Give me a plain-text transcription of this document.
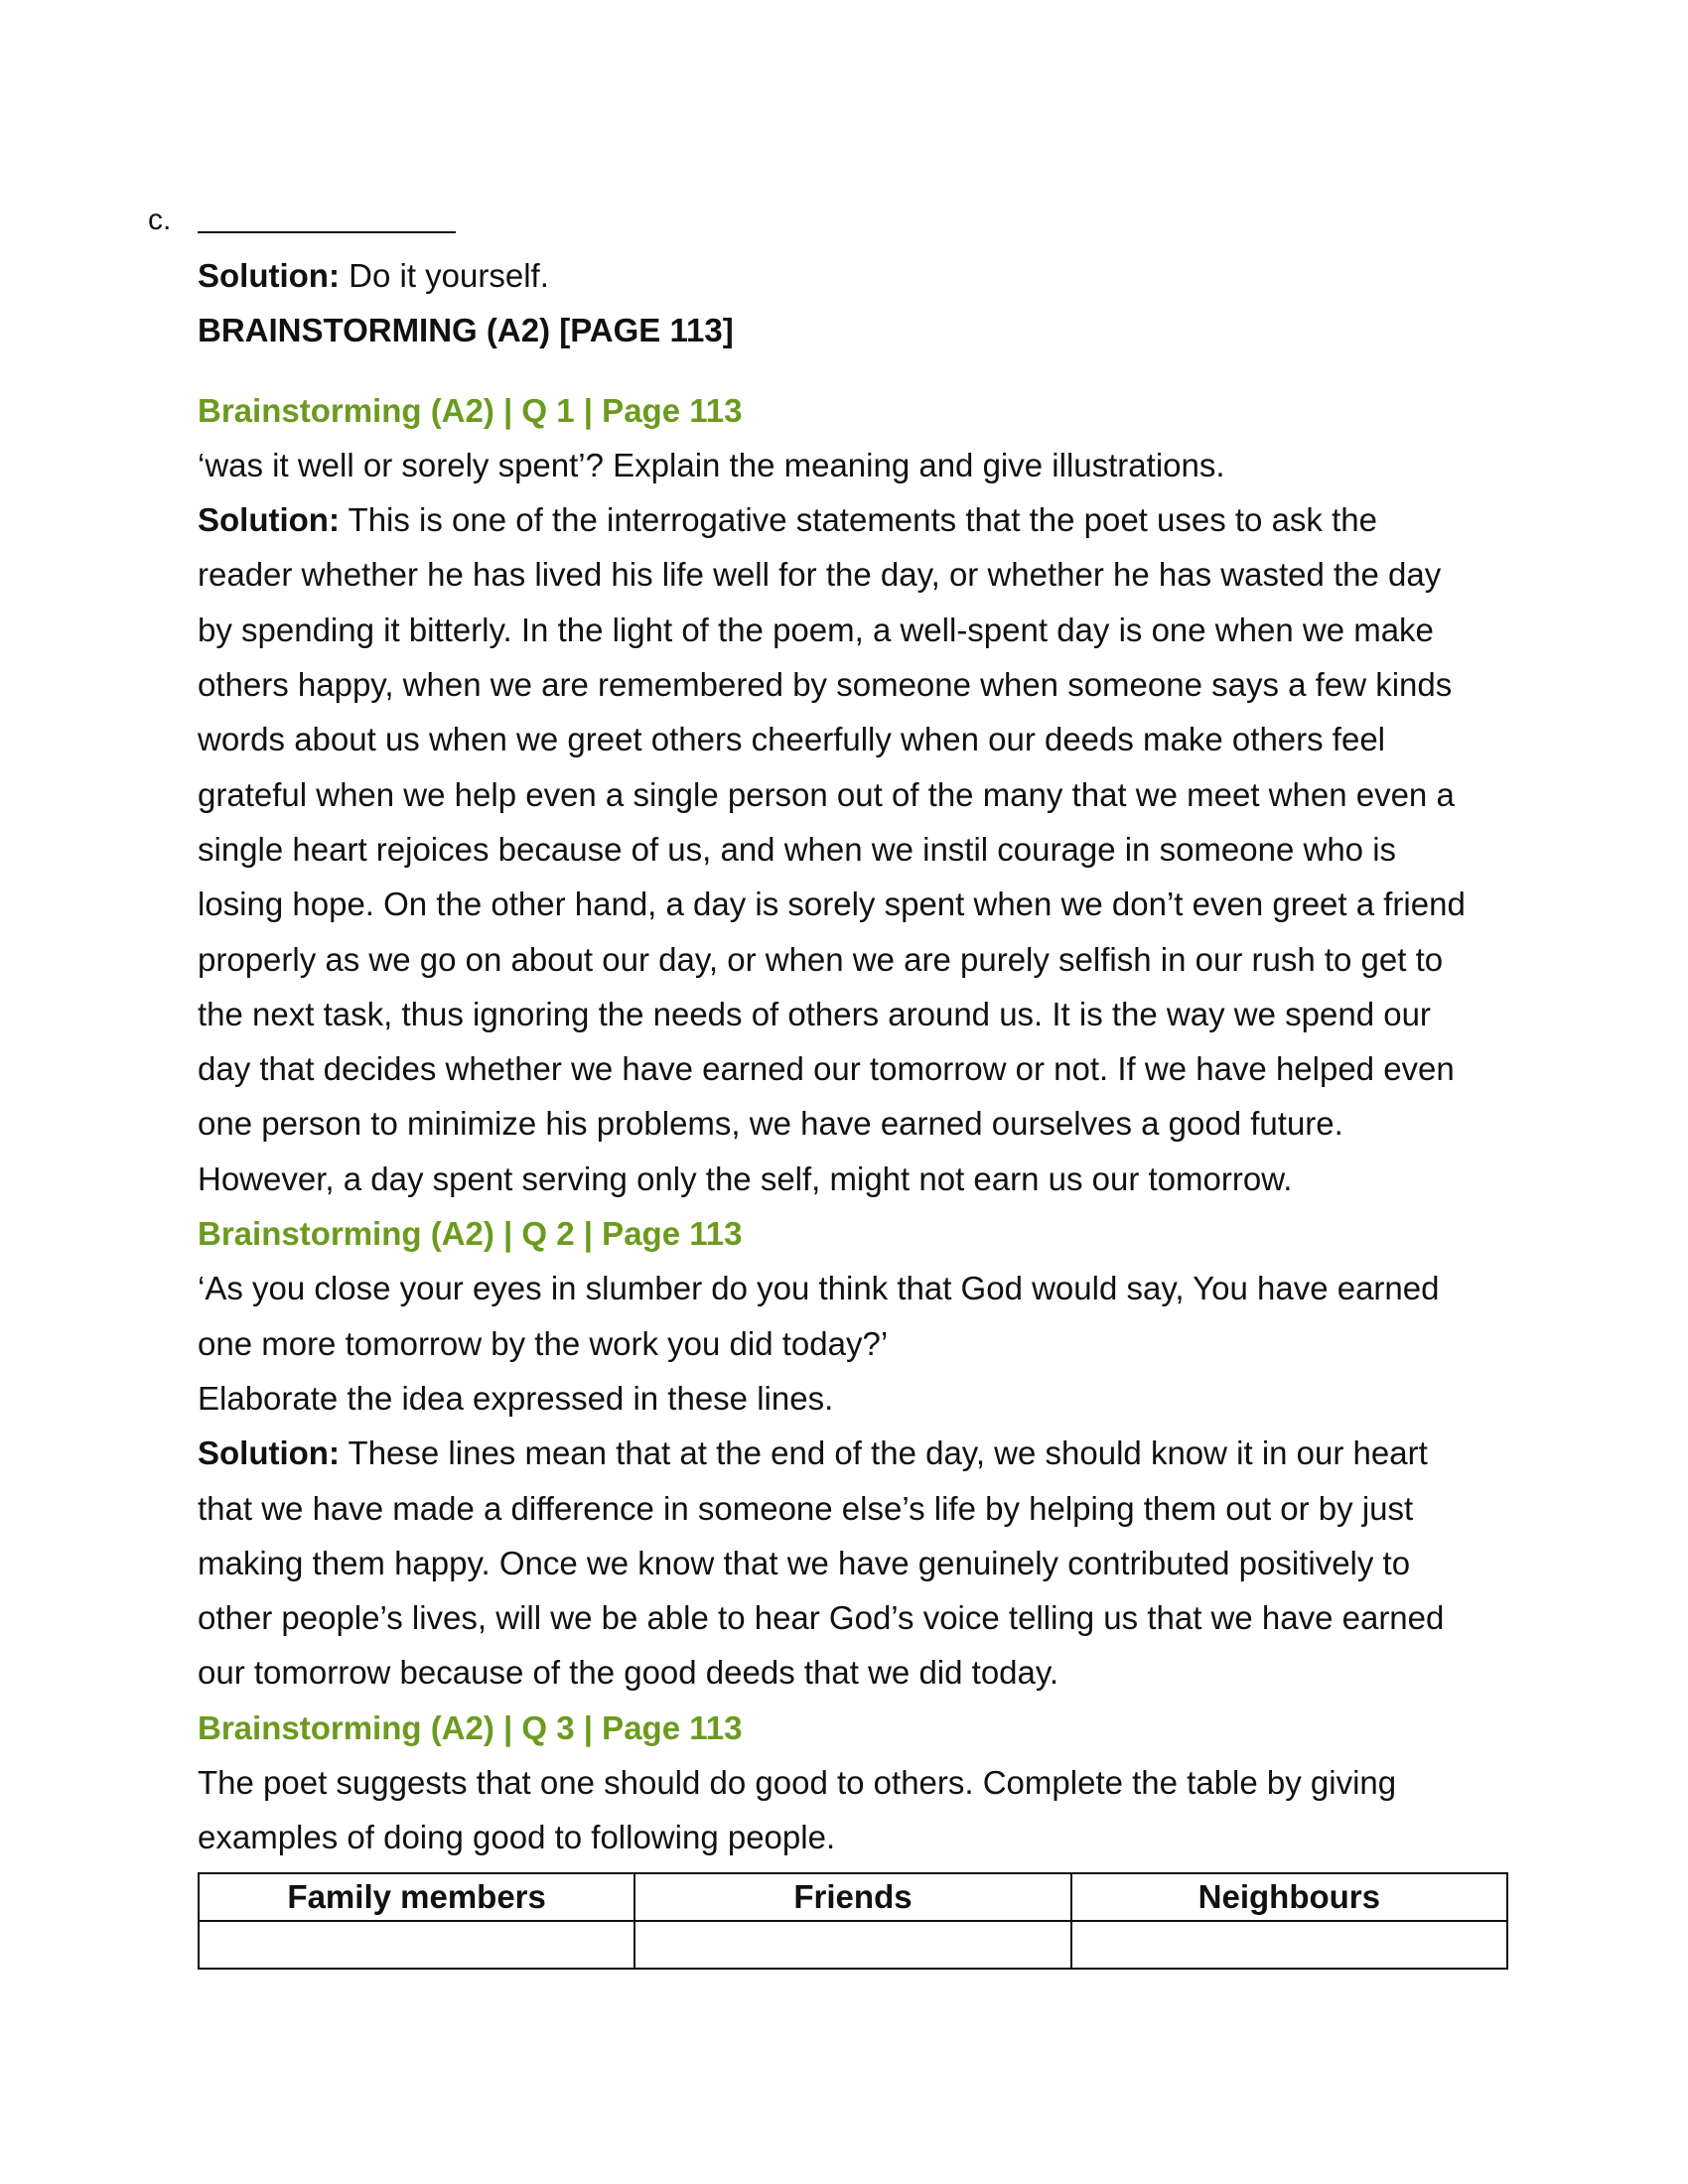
c.

Solution: Do it yourself.

BRAINSTORMING (A2) [PAGE 113]

Brainstorming (A2) | Q 1 | Page 113

‘was it well or sorely spent’? Explain the meaning and give illustrations.

Solution: This is one of the interrogative statements that the poet uses to ask the

reader whether he has lived his life well for the day, or whether he has wasted the day

by spending it bitterly. In the light of the poem, a well-spent day is one when we make

others happy, when we are remembered by someone when someone says a few kinds

words about us when we greet others cheerfully when our deeds make others feel

grateful when we help even a single person out of the many that we meet when even a

single heart rejoices because of us, and when we instil courage in someone who is

losing hope. On the other hand, a day is sorely spent when we don’t even greet a friend

properly as we go on about our day, or when we are purely selfish in our rush to get to

the next task, thus ignoring the needs of others around us. It is the way we spend our

day that decides whether we have earned our tomorrow or not. If we have helped even

one person to minimize his problems, we have earned ourselves a good future.

However, a day spent serving only the self, might not earn us our tomorrow.

Brainstorming (A2) | Q 2 | Page 113

‘As you close your eyes in slumber do you think that God would say, You have earned

one more tomorrow by the work you did today?’

Elaborate the idea expressed in these lines.

Solution: These lines mean that at the end of the day, we should know it in our heart

that we have made a difference in someone else’s life by helping them out or by just

making them happy. Once we know that we have genuinely contributed positively to

other people’s lives, will we be able to hear God’s voice telling us that we have earned

our tomorrow because of the good deeds that we did today.

Brainstorming (A2) | Q 3 | Page 113

The poet suggests that one should do good to others. Complete the table by giving

examples of doing good to following people.

Family members	Friends	Neighbours
